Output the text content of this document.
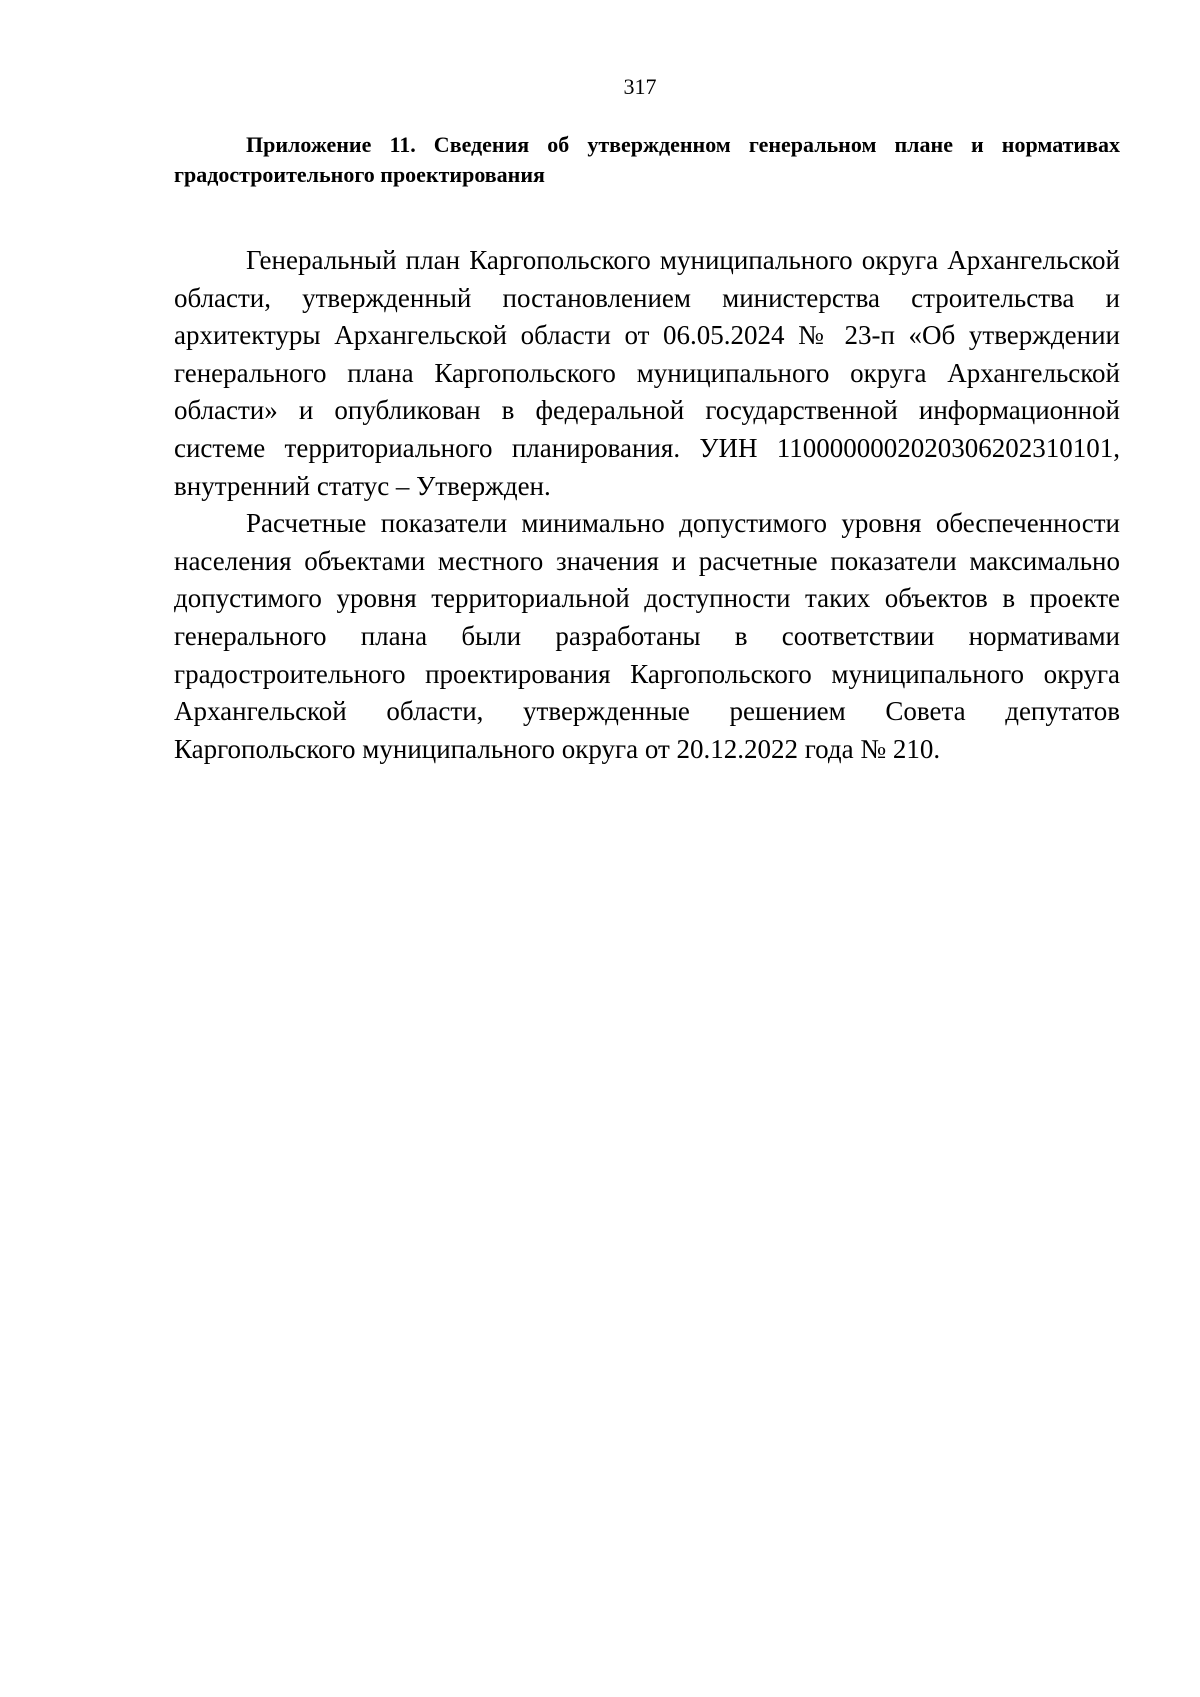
317

Приложение 11. Сведения об утвержденном генеральном плане и нормативах градостроительного проектирования

Генеральный план Каргопольского муниципального округа Архангельской области, утвержденный постановлением министерства строительства и архитектуры Архангельской области от 06.05.2024 № 23-п «Об утверждении генерального плана Каргопольского муниципального округа Архангельской области» и опубликован в федеральной государственной информационной системе территориального планирования. УИН 110000000202030620231010​1, внутренний статус – Утвержден.

Расчетные показатели минимально допустимого уровня обеспеченности населения объектами местного значения и расчетные показатели максимально допустимого уровня территориальной доступности таких объектов в проекте генерального плана были разработаны в соответствии нормативами градостроительного проектирования Каргопольского муниципального округа Архангельской области, утвержденные решением Совета депутатов Каргопольского муниципального округа от 20.12.2022 года № 210.
